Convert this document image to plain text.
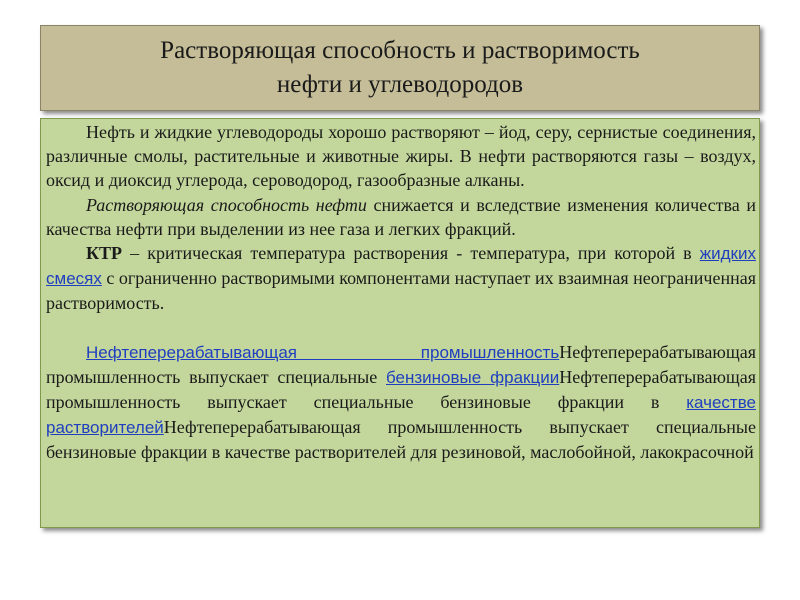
Растворяющая способность и растворимость
нефти и углеводородов

Нефть и жидкие углеводороды хорошо растворяют – йод, серу, сернистые соединения, различные смолы, растительные и животные жиры. В нефти растворяются газы – воздух, оксид и диоксид углерода, сероводород, газообразные алканы.

Растворяющая способность нефти снижается и вследствие изменения количества и качества нефти при выделении из нее газа и легких фракций.

КТР – критическая температура растворения - температура, при которой в жидких смесях с ограниченно растворимыми компонентами наступает их взаимная неограниченная растворимость.

Нефтеперерабатывающая промышленностьНефтеперерабатывающая промышленность выпускает специальные бензиновые фракцииНефтеперерабатывающая промышленность выпускает специальные бензиновые фракции в качестве растворителейНефтеперерабатывающая промышленность выпускает специальные бензиновые фракции в качестве растворителей для резиновой, маслобойной, лакокрасочной
